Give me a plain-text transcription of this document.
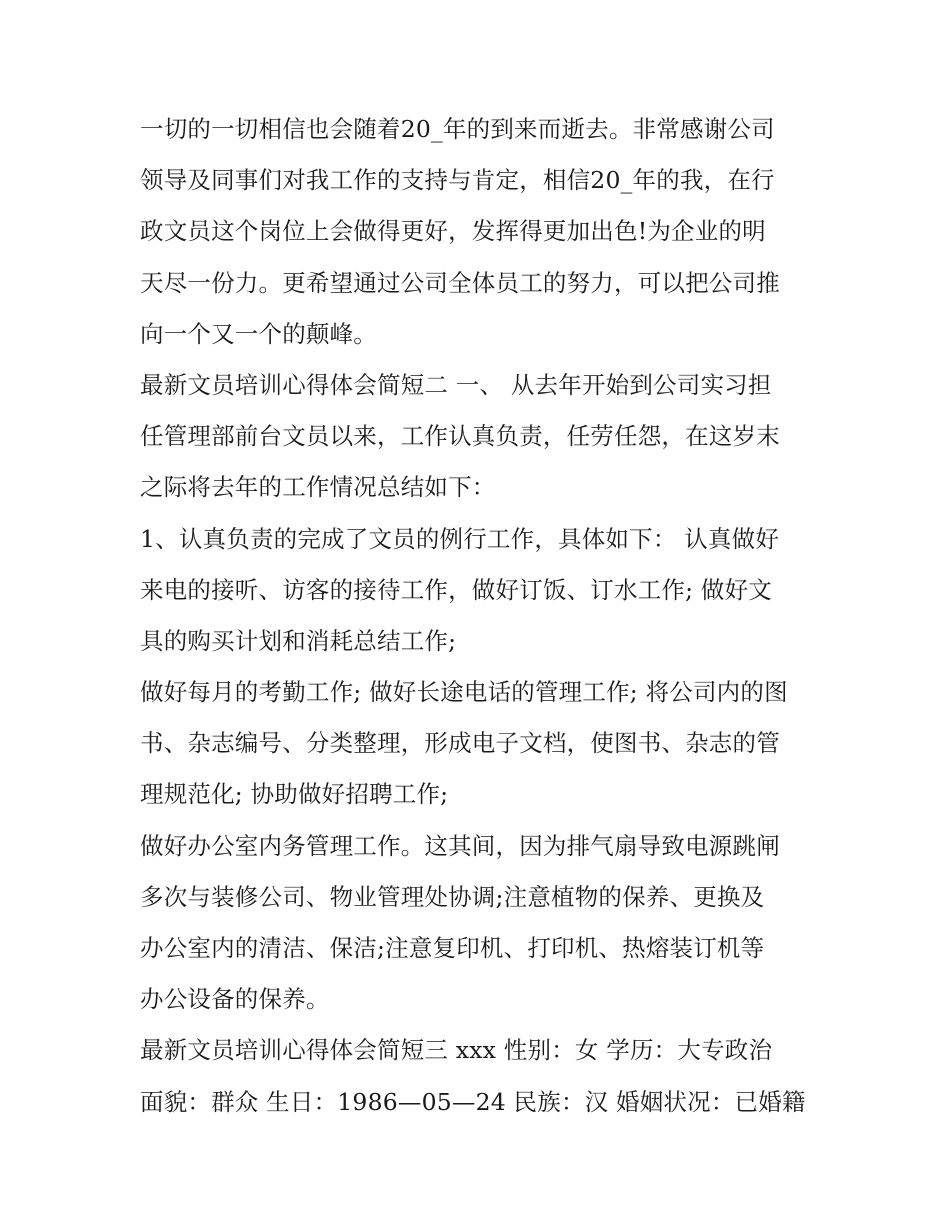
一切的一切相信也会随着20_年的到来而逝去。非常感谢公司
领导及同事们对我工作的支持与肯定，相信20_年的我，在行
政文员这个岗位上会做得更好，发挥得更加出色!为企业的明
天尽一份力。更希望通过公司全体员工的努力，可以把公司推
向一个又一个的颠峰。
最新文员培训心得体会简短二 一、 从去年开始到公司实习担
任管理部前台文员以来，工作认真负责，任劳任怨，在这岁末
之际将去年的工作情况总结如下：
1、认真负责的完成了文员的例行工作，具体如下： 认真做好
来电的接听、访客的接待工作，做好订饭、订水工作; 做好文
具的购买计划和消耗总结工作;
做好每月的考勤工作; 做好长途电话的管理工作; 将公司内的图
书、杂志编号、分类整理，形成电子文档，使图书、杂志的管
理规范化; 协助做好招聘工作;
做好办公室内务管理工作。这其间，因为排气扇导致电源跳闸
多次与装修公司、物业管理处协调;注意植物的保养、更换及
办公室内的清洁、保洁;注意复印机、打印机、热熔装订机等
办公设备的保养。
最新文员培训心得体会简短三 xxx 性别：女 学历：大专政治
面貌：群众 生日：1986—05—24 民族：汉 婚姻状况：已婚籍
